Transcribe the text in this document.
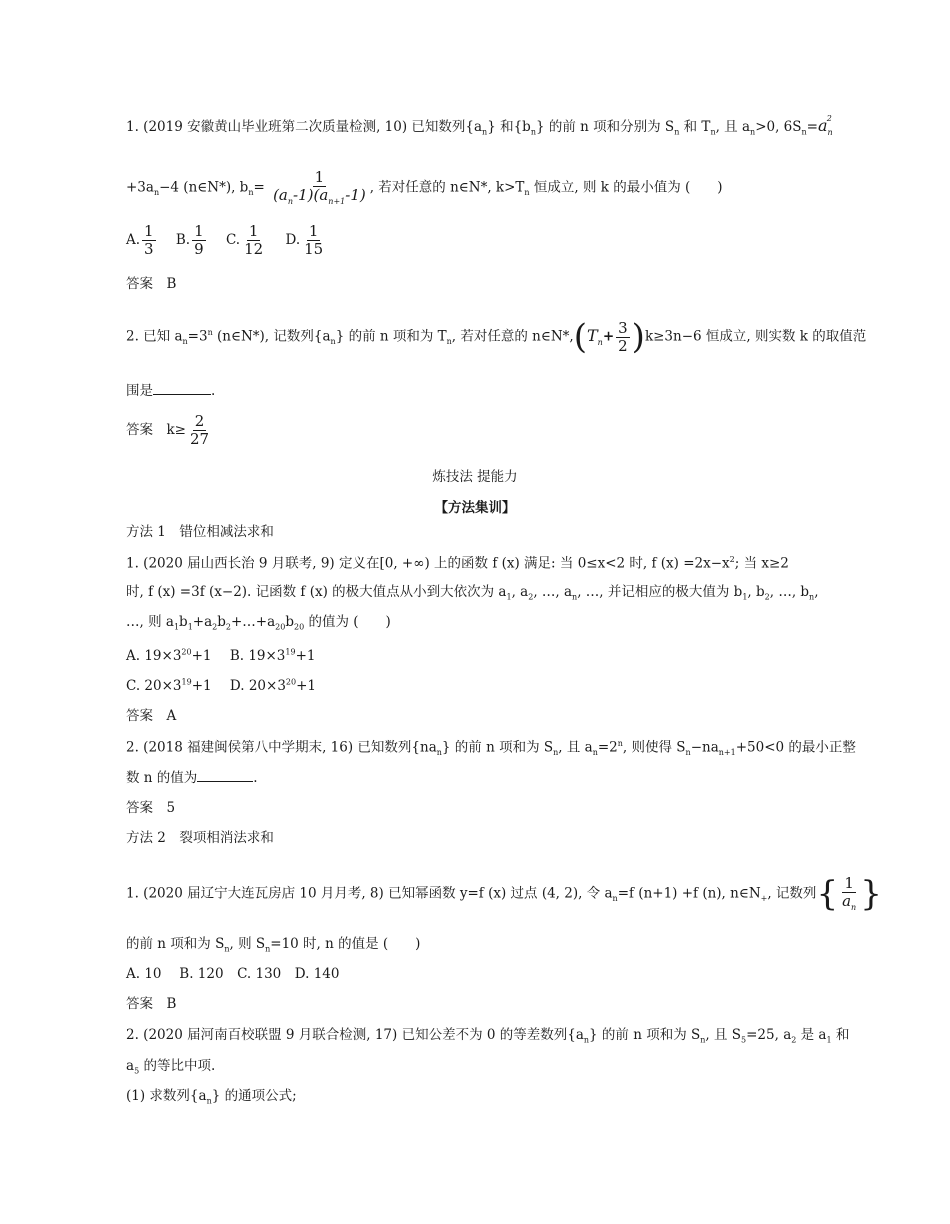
1. (2019 安徽黄山毕业班第二次质量检测, 10) 已知数列$\{a_n\}$ 和$\{b_n\}$ 的前 n 项和分别为 $S_n$ 和 $T_n$, 且 $a_n>0$, $6S_n=a_n^2$
$+3a_n-4$ (n∈N*), $b_n= \frac{1}{(a_n-1)(a_{n+1}-1)}$ , 若对任意的 n∈N*, $k>T_n$ 恒成立, 则 k 的最小值为 (　　)
A. $\frac{1}{3} B$. $\frac{1}{9} C$. $\frac{1}{12} D$. $\frac{1}{15}$
答案　B
2. 已知 $a_n=3^n$ (n∈N*), 记数列$\{a_n\}$ 的前 n 项和为 $T_n$, 若对任意的 $n\in N*,(T_n+ \frac{3}{2} )k\ge 3n-6$ 恒成立, 则实数 k 的取值范
围是	.
答案　$k\ge \frac{2}{27}$
炼技法 提能力
【方法集训】
方法 1　错位相减法求和
1. (2020 届山西长治 9 月联考, 9) 定义在[0, +∞) 上的函数 f (x) 满足: 当 0≤x<2 时, f $(x) =2x-x^2$; 当 x≥2
时, f (x) =3f (x−2). 记函数 f (x) 的极大值点从小到大依次为 $a_1$, $a_2$, …, $a_n$, …, 并记相应的极大值为 $b_1$, $b_2$, …, $b_n$,
…, 则 $a_1b_1+a_2b_2+\dots+a_{20}b_{20}$ 的值为 (　　)
A. $19\times 3^{20}+1$ B. $19\times 3^{19}+1$
C. $20\times 3^{19}+1$ D. $20\times 3^{20}+1$
答案　A
2. (2018 福建闽侯第八中学期末, 16) 已知数列$\{na_n\}$ 的前 n 项和为 $S_n$, 且 $a_n=2^n$, 则使得 $S_n-na_{n+1}+50<0$ 的最小正整
数 n 的值为	.
答案　5
方法 2　裂项相消法求和
1. (2020 届辽宁大连瓦房店 10 月月考, 8) 已知幂函数 y=f (x) 过点 (4, 2), 令 $a_n=f$ (n+1) +f (n), $n\in N_+$, 记数列{ $\frac{1}{a_n}$ }
的前 n 项和为 $S_n$, 则 $S_n=10$ 时, n 的值是 (　　)
A. 10　 B. 120　C. 130　D. 140
答案　B
2. (2020 届河南百校联盟 9 月联合检测, 17) 已知公差不为 0 的等差数列$\{a_n\}$ 的前 n 项和为 $S_n$, 且 $S_5=25$, $a_2$ 是 $a_1$ 和
$a_5$ 的等比中项.
(1) 求数列$\{a_n\}$ 的通项公式;
